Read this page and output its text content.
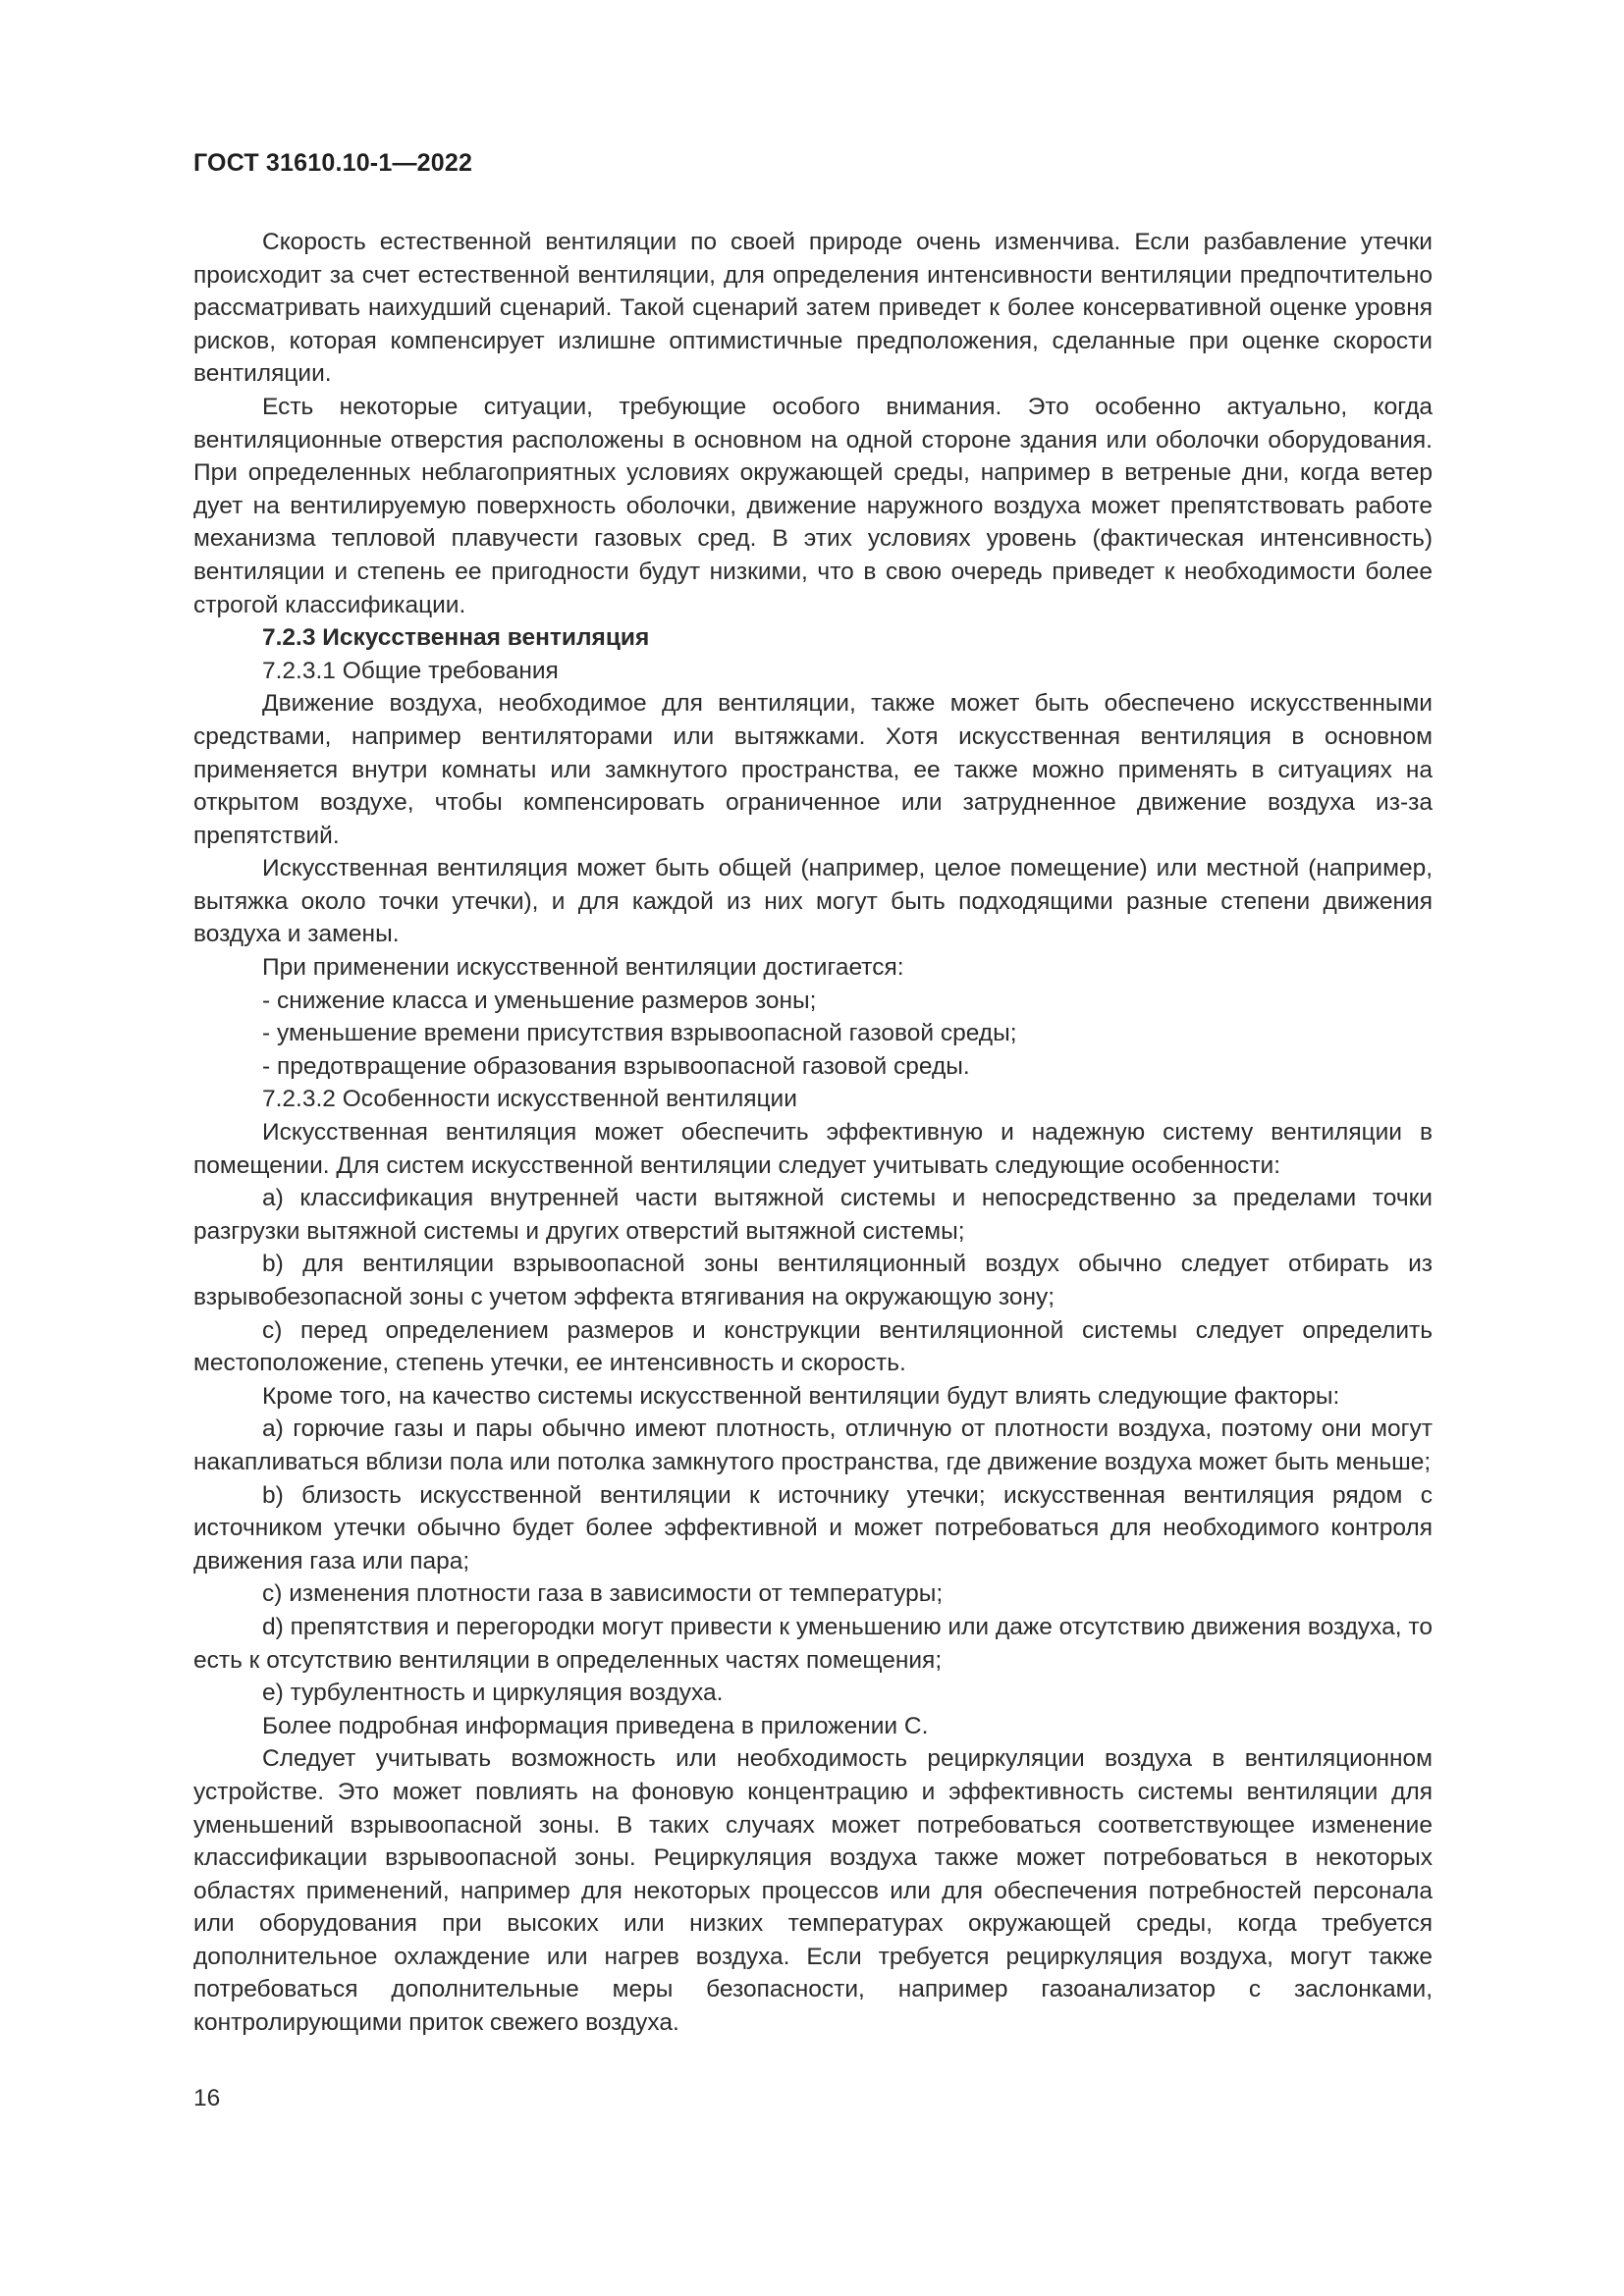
ГОСТ 31610.10-1—2022

Скорость естественной вентиляции по своей природе очень изменчива. Если разбавление утечки происходит за счет естественной вентиляции, для определения интенсивности вентиляции предпочтительно рассматривать наихудший сценарий. Такой сценарий затем приведет к более консервативной оценке уровня рисков, которая компенсирует излишне оптимистичные предположения, сделанные при оценке скорости вентиляции.

Есть некоторые ситуации, требующие особого внимания. Это особенно актуально, когда вентиляционные отверстия расположены в основном на одной стороне здания или оболочки оборудования. При определенных неблагоприятных условиях окружающей среды, например в ветреные дни, когда ветер дует на вентилируемую поверхность оболочки, движение наружного воздуха может препятствовать работе механизма тепловой плавучести газовых сред. В этих условиях уровень (фактическая интенсивность) вентиляции и степень ее пригодности будут низкими, что в свою очередь приведет к необходимости более строгой классификации.

7.2.3 Искусственная вентиляция

7.2.3.1 Общие требования

Движение воздуха, необходимое для вентиляции, также может быть обеспечено искусственными средствами, например вентиляторами или вытяжками. Хотя искусственная вентиляция в основном применяется внутри комнаты или замкнутого пространства, ее также можно применять в ситуациях на открытом воздухе, чтобы компенсировать ограниченное или затрудненное движение воздуха из-за препятствий.

Искусственная вентиляция может быть общей (например, целое помещение) или местной (например, вытяжка около точки утечки), и для каждой из них могут быть подходящими разные степени движения воздуха и замены.

При применении искусственной вентиляции достигается:

- снижение класса и уменьшение размеров зоны;

- уменьшение времени присутствия взрывоопасной газовой среды;

- предотвращение образования взрывоопасной газовой среды.

7.2.3.2 Особенности искусственной вентиляции

Искусственная вентиляция может обеспечить эффективную и надежную систему вентиляции в помещении. Для систем искусственной вентиляции следует учитывать следующие особенности:

a) классификация внутренней части вытяжной системы и непосредственно за пределами точки разгрузки вытяжной системы и других отверстий вытяжной системы;

b) для вентиляции взрывоопасной зоны вентиляционный воздух обычно следует отбирать из взрывобезопасной зоны с учетом эффекта втягивания на окружающую зону;

c) перед определением размеров и конструкции вентиляционной системы следует определить местоположение, степень утечки, ее интенсивность и скорость.

Кроме того, на качество системы искусственной вентиляции будут влиять следующие факторы:

a) горючие газы и пары обычно имеют плотность, отличную от плотности воздуха, поэтому они могут накапливаться вблизи пола или потолка замкнутого пространства, где движение воздуха может быть меньше;

b) близость искусственной вентиляции к источнику утечки; искусственная вентиляция рядом с источником утечки обычно будет более эффективной и может потребоваться для необходимого контроля движения газа или пара;

c) изменения плотности газа в зависимости от температуры;

d) препятствия и перегородки могут привести к уменьшению или даже отсутствию движения воздуха, то есть к отсутствию вентиляции в определенных частях помещения;

e) турбулентность и циркуляция воздуха.

Более подробная информация приведена в приложении С.

Следует учитывать возможность или необходимость рециркуляции воздуха в вентиляционном устройстве. Это может повлиять на фоновую концентрацию и эффективность системы вентиляции для уменьшений взрывоопасной зоны. В таких случаях может потребоваться соответствующее изменение классификации взрывоопасной зоны. Рециркуляция воздуха также может потребоваться в некоторых областях применений, например для некоторых процессов или для обеспечения потребностей персонала или оборудования при высоких или низких температурах окружающей среды, когда требуется дополнительное охлаждение или нагрев воздуха. Если требуется рециркуляция воздуха, могут также потребоваться дополнительные меры безопасности, например газоанализатор с заслонками, контролирующими приток свежего воздуха.

16
